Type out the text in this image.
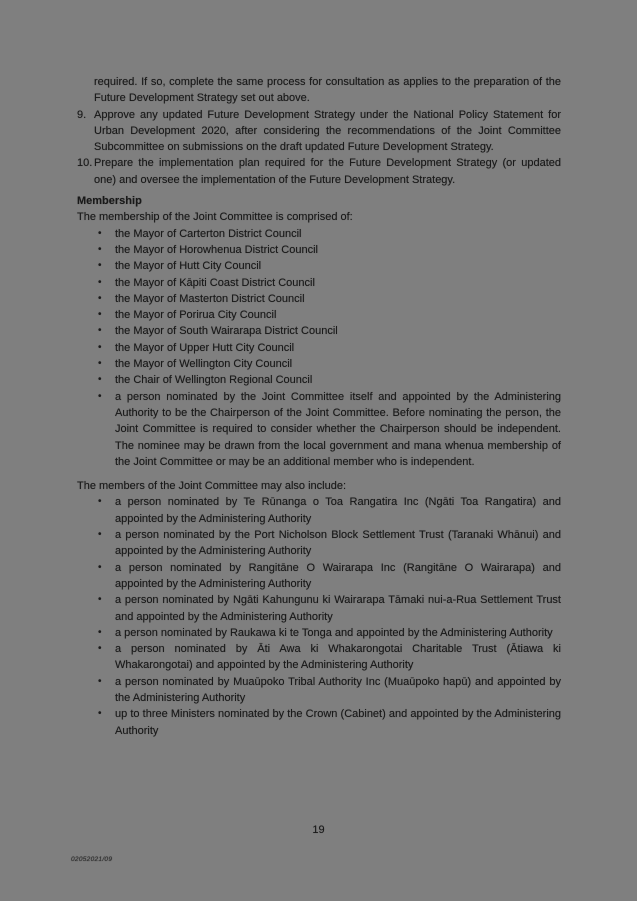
required. If so, complete the same process for consultation as applies to the preparation of the Future Development Strategy set out above.

9. Approve any updated Future Development Strategy under the National Policy Statement for Urban Development 2020, after considering the recommendations of the Joint Committee Subcommittee on submissions on the draft updated Future Development Strategy.
10. Prepare the implementation plan required for the Future Development Strategy (or updated one) and oversee the implementation of the Future Development Strategy.
Membership

The membership of the Joint Committee is comprised of:

• the Mayor of Carterton District Council
• the Mayor of Horowhenua District Council
• the Mayor of Hutt City Council
• the Mayor of Kāpiti Coast District Council
• the Mayor of Masterton District Council
• the Mayor of Porirua City Council
• the Mayor of South Wairarapa District Council
• the Mayor of Upper Hutt City Council
• the Mayor of Wellington City Council
• the Chair of Wellington Regional Council
• a person nominated by the Joint Committee itself and appointed by the Administering Authority to be the Chairperson of the Joint Committee. Before nominating the person, the Joint Committee is required to consider whether the Chairperson should be independent. The nominee may be drawn from the local government and mana whenua membership of the Joint Committee or may be an additional member who is independent.

The members of the Joint Committee may also include:

• a person nominated by Te Rūnanga o Toa Rangatira Inc (Ngāti Toa Rangatira) and appointed by the Administering Authority
• a person nominated by the Port Nicholson Block Settlement Trust (Taranaki Whānui) and appointed by the Administering Authority
• a person nominated by Rangitāne O Wairarapa Inc (Rangitāne O Wairarapa) and appointed by the Administering Authority
• a person nominated by Ngāti Kahungunu ki Wairarapa Tāmaki nui-a-Rua Settlement Trust and appointed by the Administering Authority
• a person nominated by Raukawa ki te Tonga and appointed by the Administering Authority
• a person nominated by Āti Awa ki Whakarongotai Charitable Trust (Ātiawa ki Whakarongotai) and appointed by the Administering Authority
• a person nominated by Muaūpoko Tribal Authority Inc (Muaūpoko hapū) and appointed by the Administering Authority
• up to three Ministers nominated by the Crown (Cabinet) and appointed by the Administering Authority
19
02052021/09
